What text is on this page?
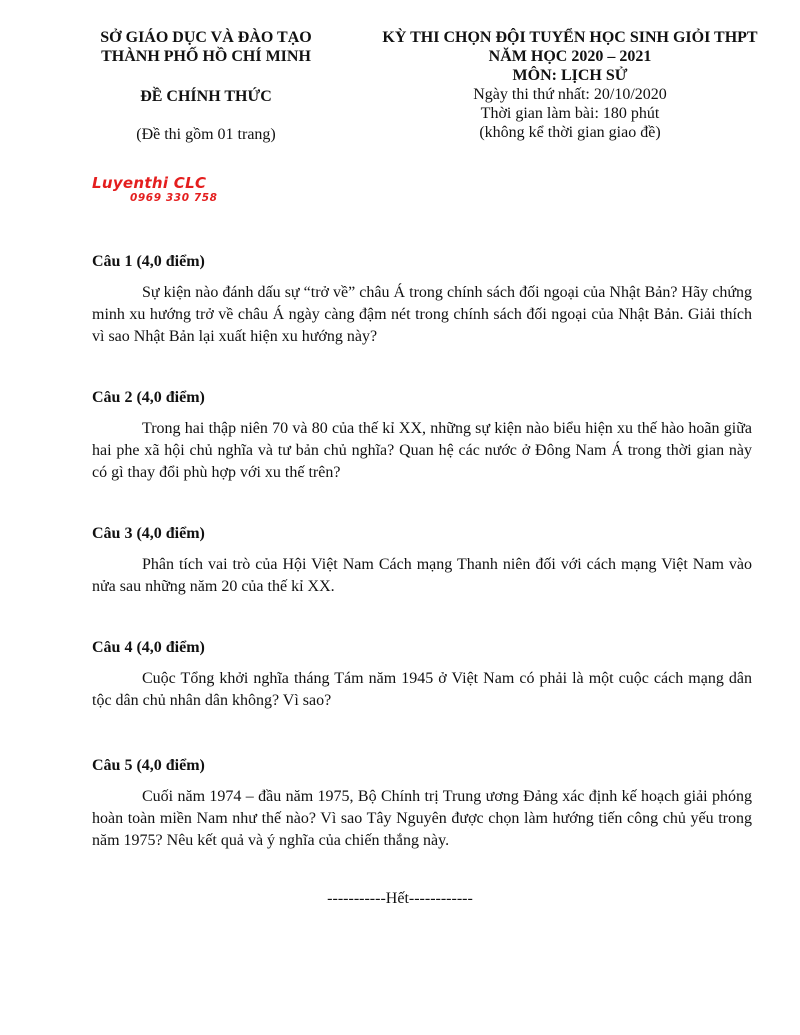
SỞ GIÁO DỤC VÀ ĐÀO TẠO
THÀNH PHỐ HỒ CHÍ MINH
ĐỀ CHÍNH THỨC
(Đề thi gồm 01 trang)
KỲ THI CHỌN ĐỘI TUYỂN HỌC SINH GIỎI THPT
NĂM HỌC 2020 – 2021
MÔN: LỊCH SỬ
Ngày thi thứ nhất: 20/10/2020
Thời gian làm bài: 180 phút
(không kể thời gian giao đề)
Luyenthi CLC
0969 330 758
Câu 1 (4,0 điểm)
Sự kiện nào đánh dấu sự “trở về” châu Á trong chính sách đối ngoại của Nhật Bản? Hãy chứng minh xu hướng trở về châu Á ngày càng đậm nét trong chính sách đối ngoại của Nhật Bản. Giải thích vì sao Nhật Bản lại xuất hiện xu hướng này?
Câu 2 (4,0 điểm)
Trong hai thập niên 70 và 80 của thế kỉ XX, những sự kiện nào biểu hiện xu thế hào hoãn giữa hai phe xã hội chủ nghĩa và tư bản chủ nghĩa? Quan hệ các nước ở Đông Nam Á trong thời gian này có gì thay đổi phù hợp với xu thế trên?
Câu 3 (4,0 điểm)
Phân tích vai trò của Hội Việt Nam Cách mạng Thanh niên đối với cách mạng Việt Nam vào nửa sau những năm 20 của thế kỉ XX.
Câu 4 (4,0 điểm)
Cuộc Tổng khởi nghĩa tháng Tám năm 1945 ở Việt Nam có phải là một cuộc cách mạng dân tộc dân chủ nhân dân không? Vì sao?
Câu 5 (4,0 điểm)
Cuối năm 1974 – đầu năm 1975, Bộ Chính trị Trung ương Đảng xác định kế hoạch giải phóng hoàn toàn miền Nam như thế nào? Vì sao Tây Nguyên được chọn làm hướng tiến công chủ yếu trong năm 1975? Nêu kết quả và ý nghĩa của chiến thắng này.
-----------Hết------------
